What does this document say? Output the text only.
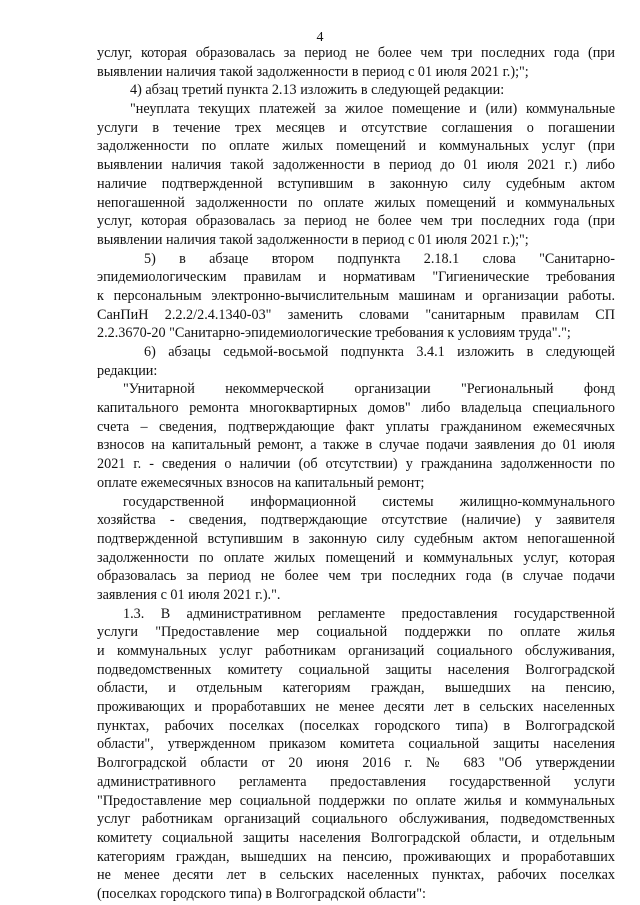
4
услуг, которая образовалась за период не более чем три последних года (при
выявлении наличия такой задолженности в период с 01 июля 2021 г.);";
4) абзац третий пункта 2.13 изложить в следующей редакции:
"неуплата текущих платежей за жилое помещение и (или) коммунальные
услуги в течение трех месяцев и отсутствие соглашения о погашении
задолженности по оплате жилых помещений и коммунальных услуг (при
выявлении наличия такой задолженности в период до 01 июля 2021 г.) либо
наличие подтвержденной вступившим в законную силу судебным актом
непогашенной задолженности по оплате жилых помещений и коммунальных
услуг, которая образовалась за период не более чем три последних года (при
выявлении наличия такой задолженности в период с 01 июля 2021 г.);";
5) в абзаце втором подпункта 2.18.1 слова "Санитарно-
эпидемиологическим правилам и нормативам "Гигиенические требования
к персональным электронно-вычислительным машинам и организации работы.
СанПиН 2.2.2/2.4.1340-03" заменить словами "санитарным правилам СП
2.2.3670-20 "Санитарно-эпидемиологические требования к условиям труда".";
6) абзацы седьмой-восьмой подпункта 3.4.1 изложить в следующей
редакции:
"Унитарной некоммерческой организации "Региональный фонд
капитального ремонта многоквартирных домов" либо владельца специального
счета – сведения, подтверждающие факт уплаты гражданином ежемесячных
взносов на капитальный ремонт, а также в случае подачи заявления до 01 июля
2021 г. - сведения о наличии (об отсутствии) у гражданина задолженности по
оплате ежемесячных взносов на капитальный ремонт;
государственной информационной системы жилищно-коммунального
хозяйства - сведения, подтверждающие отсутствие (наличие) у заявителя
подтвержденной вступившим в законную силу судебным актом непогашенной
задолженности по оплате жилых помещений и коммунальных услуг, которая
образовалась за период не более чем три последних года (в случае подачи
заявления с 01 июля 2021 г.).".
1.3. В административном регламенте предоставления государственной
услуги "Предоставление мер социальной поддержки по оплате жилья
и коммунальных услуг работникам организаций социального обслуживания,
подведомственных комитету социальной защиты населения Волгоградской
области, и отдельным категориям граждан, вышедших на пенсию,
проживающих и проработавших не менее десяти лет в сельских населенных
пунктах, рабочих поселках (поселках городского типа) в Волгоградской
области", утвержденном приказом комитета социальной защиты населения
Волгоградской области от 20 июня 2016 г. № 683 "Об утверждении
административного регламента предоставления государственной услуги
"Предоставление мер социальной поддержки по оплате жилья и коммунальных
услуг работникам организаций социального обслуживания, подведомственных
комитету социальной защиты населения Волгоградской области, и отдельным
категориям граждан, вышедших на пенсию, проживающих и проработавших
не менее десяти лет в сельских населенных пунктах, рабочих поселках
(поселках городского типа) в Волгоградской области":
